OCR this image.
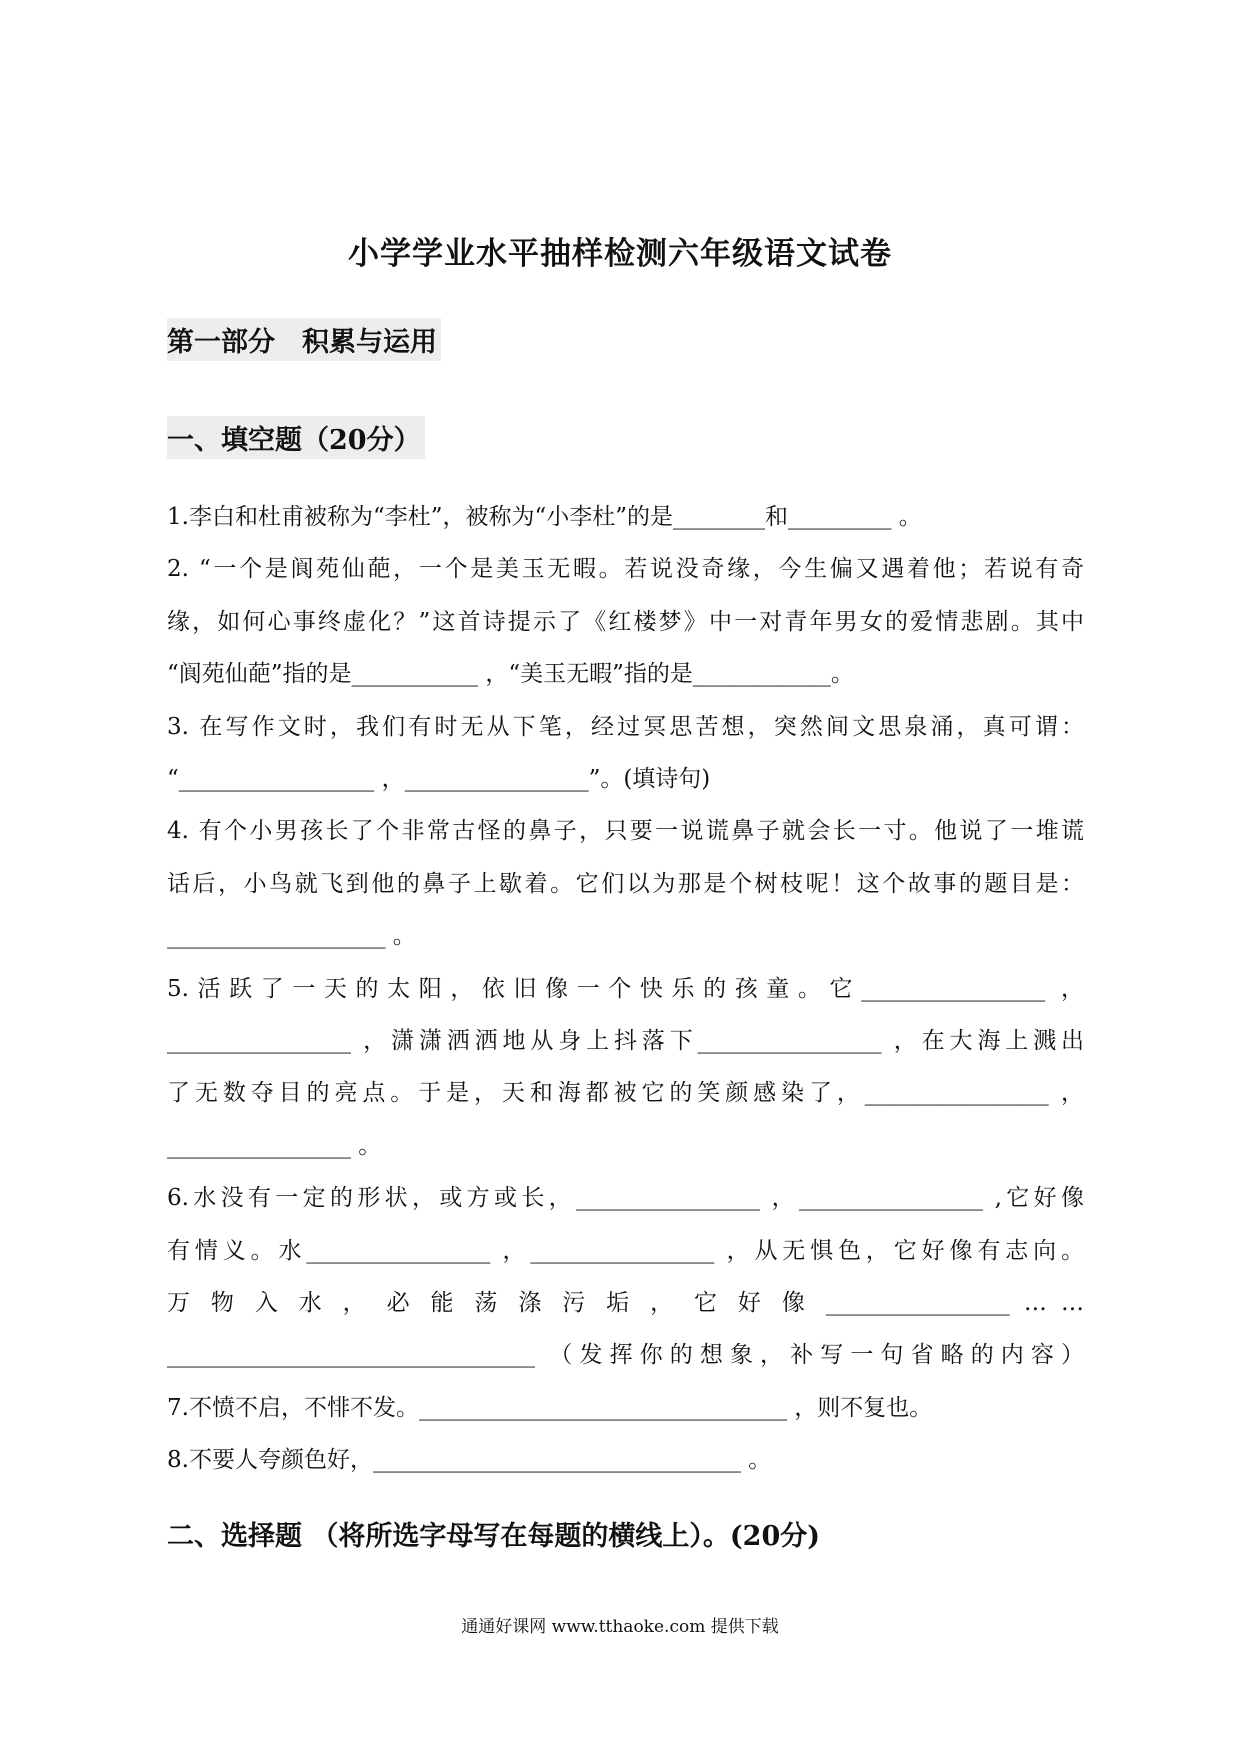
小学学业水平抽样检测六年级语文试卷
第一部分　积累与运用
一、填空题（20分）
1.李白和杜甫被称为“李杜”，被称为“小李杜”的是________和_________ 。
2. “一个是阆苑仙葩，一个是美玉无暇。若说没奇缘，今生偏又遇着他；若说有奇
缘，如何心事终虚化？”这首诗提示了《红楼梦》中一对青年男女的爱情悲剧。其中
“阆苑仙葩”指的是___________ ，“美玉无暇”指的是____________。
3. 在写作文时，我们有时无从下笔，经过冥思苦想，突然间文思泉涌，真可谓：
“_________________ ，________________”。(填诗句)
4. 有个小男孩长了个非常古怪的鼻子，只要一说谎鼻子就会长一寸。他说了一堆谎
话后，小鸟就飞到他的鼻子上歇着。它们以为那是个树枝呢！这个故事的题目是：
___________________ 。
5.活跃了一天的太阳，依旧像一个快乐的孩童。它________________ ，
________________ ，潇潇洒洒地从身上抖落下________________ ，在大海上溅出
了无数夺目的亮点。于是，天和海都被它的笑颜感染了，________________ ，
________________ 。
6.水没有一定的形状，或方或长，________________ ，________________ ,它好像
有情义。水________________ ，________________ ，从无惧色，它好像有志向。
万 物 入 水 ， 必 能 荡 涤 污 垢 ， 它 好 像 ________________ … …
________________________________ （发挥你的想象，补写一句省略的内容）
7.不愤不启，不悱不发。________________________________ ，则不复也。
8.不要人夸颜色好，________________________________ 。
二、选择题 （将所选字母写在每题的横线上）。(20分)
通通好课网 www.tthaoke.com 提供下载
